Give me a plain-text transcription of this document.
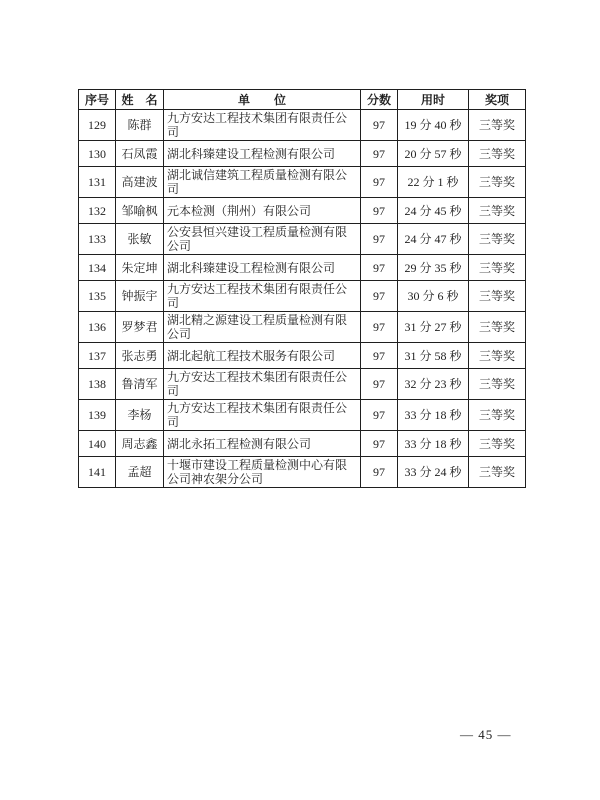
序号	姓　名	单　　位	分数	用时	奖项
129	陈群	九方安达工程技术集团有限责任公司	97	19 分 40 秒	三等奖
130	石凤霞	湖北科臻建设工程检测有限公司	97	20 分 57 秒	三等奖
131	高建波	湖北诚信建筑工程质量检测有限公司	97	22 分 1 秒	三等奖
132	邹喻枫	元本检测（荆州）有限公司	97	24 分 45 秒	三等奖
133	张敏	公安县恒兴建设工程质量检测有限公司	97	24 分 47 秒	三等奖
134	朱定坤	湖北科臻建设工程检测有限公司	97	29 分 35 秒	三等奖
135	钟振宇	九方安达工程技术集团有限责任公司	97	30 分 6 秒	三等奖
136	罗梦君	湖北精之源建设工程质量检测有限公司	97	31 分 27 秒	三等奖
137	张志勇	湖北起航工程技术服务有限公司	97	31 分 58 秒	三等奖
138	鲁清军	九方安达工程技术集团有限责任公司	97	32 分 23 秒	三等奖
139	李杨	九方安达工程技术集团有限责任公司	97	33 分 18 秒	三等奖
140	周志鑫	湖北永拓工程检测有限公司	97	33 分 18 秒	三等奖
141	孟超	十堰市建设工程质量检测中心有限公司神农架分公司	97	33 分 24 秒	三等奖
— 45 —
